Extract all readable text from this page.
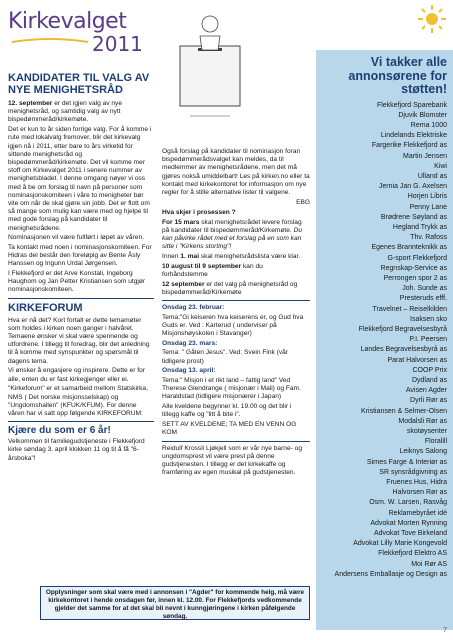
Kirkevalget
2011
KANDIDATER TIL VALG AV NYE MENIGHETSRÅD

12. september er det igjen valg av nye menighetsråd, og samtidig valg av nytt bispedømmeråd/kirkemøte.

Det er kun to år siden forrige valg. For å komme i rute med lokalvalg fremover, blir det kirkevalg igjen nå i 2011, etter bare to års virketid for sittende menighetsråd og bispedømmeråd/kirkemøte. Det vil komme mer stoff om Kirkevalget 2011 i senere nummer av menighetsbladet. I denne omgang nøyer vi oss med å be om forslag til navn på personer som nominasjonskomiteen i våre to menigheter bør vite om når de skal gjøre sin jobb. Det er flott om så mange som mulig kan være med og hjelpe til med gode forslag på kandidater til menighetsrådene.

Nominasjonen vil være fullført i løpet av våren.

Ta kontakt med noen i nominasjonskomiteen. For Hidras del består den foreløpig av Bente Åsly Hanssen og Ingunn Urdal Jørgensen.

I Flekkefjord er det Arve Konstali, Ingeborg Haughom og Jan Petter Kristiansen som utgjør nominasjonskomiteen.

KIRKEFORUM

Hva er nå det? Kort fortalt er dette temamøter som holdes i kirken noen ganger i halvåret. Temaene ønsker vi skal være spennende og utfordrene. I tillegg til foredrag, blir det anledning til å komme med synspunkter og spørsmål til dagens tema.

Vi ønsker å engasjere og inspirere. Dette er for alle, enten du er fast kirkegjenger eller ei.

"Kirkeforum" er et samarbeid mellom Statskirka, NMS ( Det norske misjonsselskap) og "Ungdomshallen" (KFUK/KFUM). For denne våren har vi satt opp følgende KIRKEFORUM:

Kjære du som er 6 år!

Velkommen til familiegudstjeneste i Flekkefjord kirke søndag 3. april klokken 11 og til å få "6-årsboka"!

Også forslag på kandidater til nominasjon foran bispedømmerådsvalget kan meldes, da til medlemmer av menighetsrådene, men det må gjøres nokså umiddelbart! Les på kirken.no eller ta kontakt med kirkekontoret for informasjon om nye regler for å stille alternative lister til valgene.

EBG

Hva skjer i prosessen ?

For 15 mars skal menighetsrådet levere forslag på kandidater til bispedømmeråd/Kirkemøte. Du kan påvirke rådet med et forslag på en som kan sitte i "Kirkens storting"!

Innen 1. mai skal menighetsrådslista være klar.

10 august til 9 september kan du forhåndstemme

12 september er det valg på menighetsråd og bispedømmeråd/Kirkemøte

Onsdag 23. februar:

Tema:"Gi keiseren hva keiserens er, og Gud hva Guds er. Ved : Karterud ( underviser på Misjonshøyskolen i Stavanger)

Onsdag 23. mars:

Tema: " Gåten Jesus". Ved: Svein Fink (vår tidligere prost)

Onsdag 13. april:

Tema:" Misjon i et rikt land – fattig land" Ved Therese Glendrange ( misjonær i Mali) og Fam. Haraldstad (tidligere misjonærer i Japan)

Alle kveldene begynner kl. 19.00 og det blir i tillegg kaffe og "litt å bite i".

SETT AV KVELDENE; TA MED EN VENN OG KOM

Reidulf Krossli Ljøkjell som er vår nye barne- og ungdomsprest vil være prest på denne gudstjenesten. I tillegg er det kirkekaffe og framføring av egen musikal på gudstjenesten.

Vi takker alle annonsørene for støtten!
Flekkefjord Sparebank
Djuvik Blomster
Rema 1000
Lindelands Elektriske
Fargerike Flekkefjord as
Martin Jensen
Kiwi
Ulland as
Jernia Jan G. Axelsen
Horjen Libris
Penny Lane
Brødrene Søyland as
Hegland Trykk as
Thv. Rafoss
Egenes Brannteknikk as
G-sport Flekkefjord
Regnskap-Service as
Perrongen spor 2 as
Joh. Sunde as
Presteruds efff.
Travelnet – Reiselkilden
Isaksen sko
Flekkefjord Begravelsesbyrå
P.I. Peersen
Landes Begravelsesbyrå as
Parat Halvorsen as
COOP Prix
Dydland as
Avisen Agder
Dyrli Rør as
Kristiansen & Selmer-Olsen
Modalsli Rør as
skotøysenter
Floralill
Leiknys Salong
Sirnes Farge & Interiør as
SR synsrådgivning as
Fruenes Hus, Hidra
Halvorsen Rør as
Osm. W. Larsen, Rasvåg
Reklamebyrået idé
Advokat Morten Rynning
Advokat Tove Birkeland
Advokat Lilly Marie Kongevold
Flekkefjord Elektro AS
Moi Rør AS
Andersens Emballasje og Design as
Opplysninger som skal være med i annonsen i "Agder" for kommende helg, må være kirkekontoret i hende onsdagen før, innen kl. 12.00. For Flekkefjords vedkommende gjelder det samme for at det skal bli nevnt i kunngjøringene i kirken påfølgende søndag.
7
